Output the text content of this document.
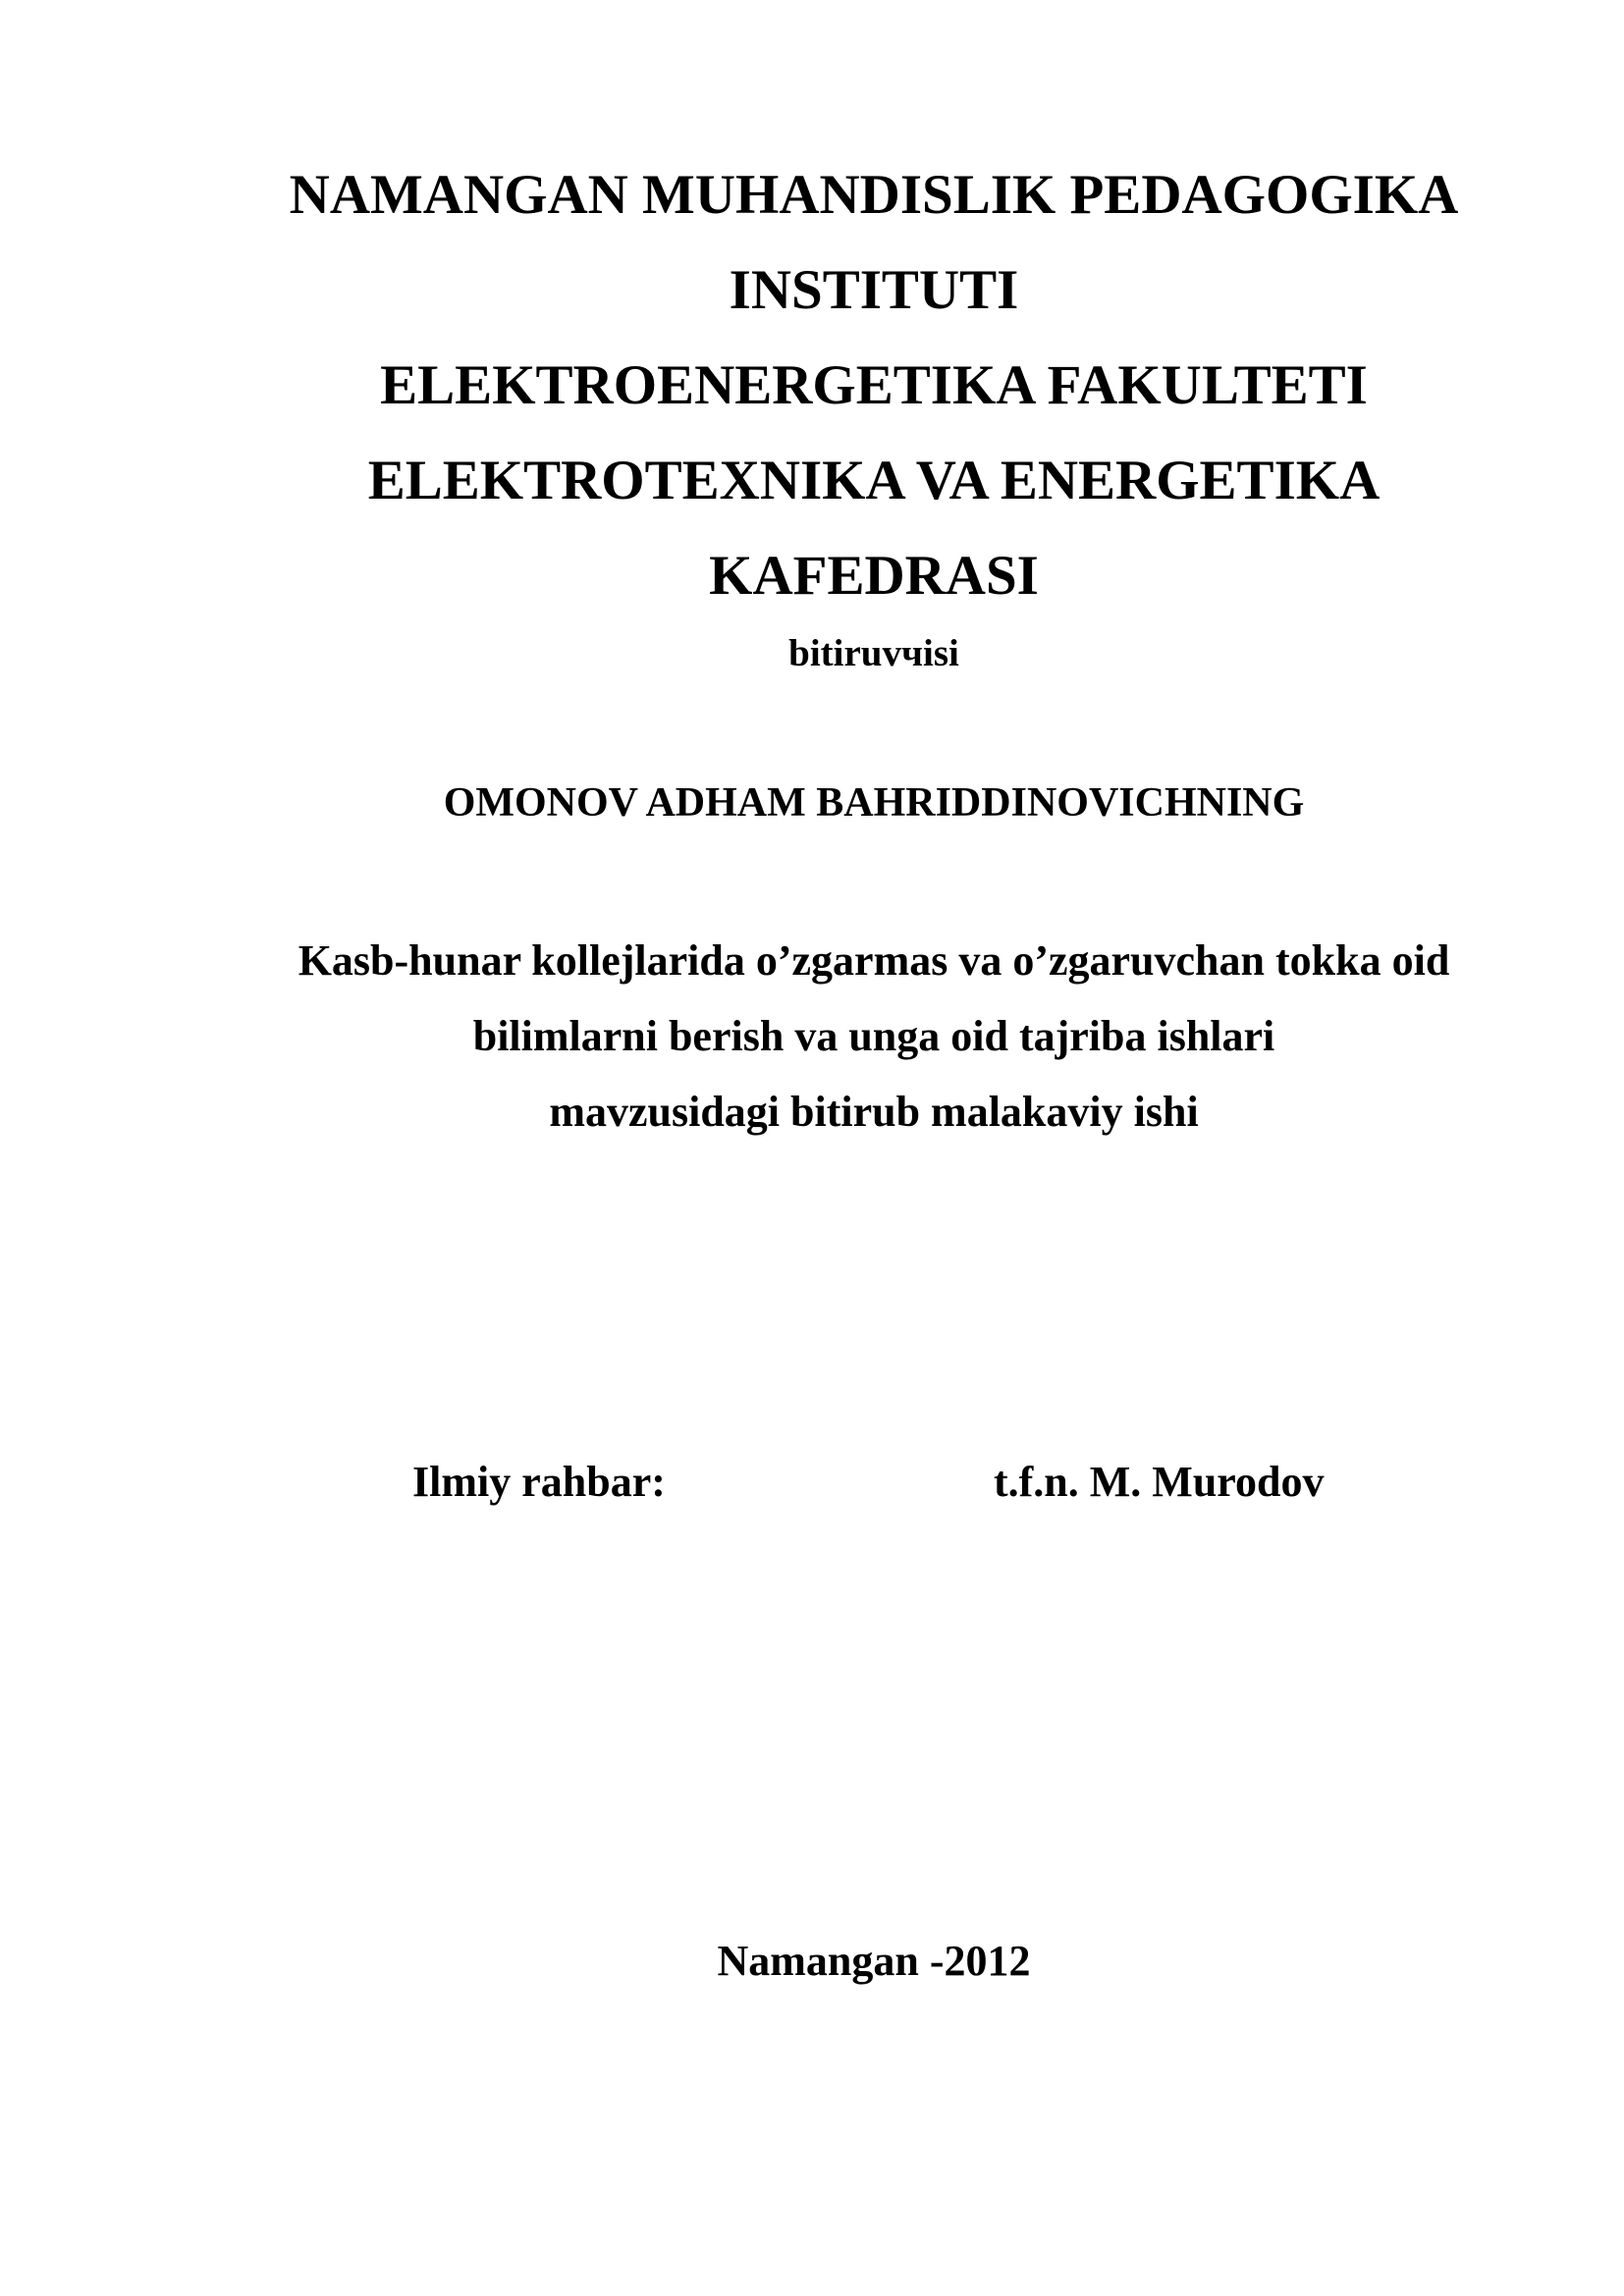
NAMANGAN MUHANDISLIK PEDAGOGIKA
INSTITUTI
ELEKTROENERGETIKA FAKULTETI
ELEKTROTEXNIKA VA ENERGETIKA
KAFEDRASI
bitiruvчisi
OMONOV ADHAM BAHRIDDINOVICHNING
Kasb-hunar kollejlarida o’zgarmas va o’zgaruvchan tokka oid
bilimlarni berish va unga oid tajriba ishlari
mavzusidagi bitirub malakaviy ishi
Ilmiy rahbar:	t.f.n. M. Murodov
Namangan -2012
